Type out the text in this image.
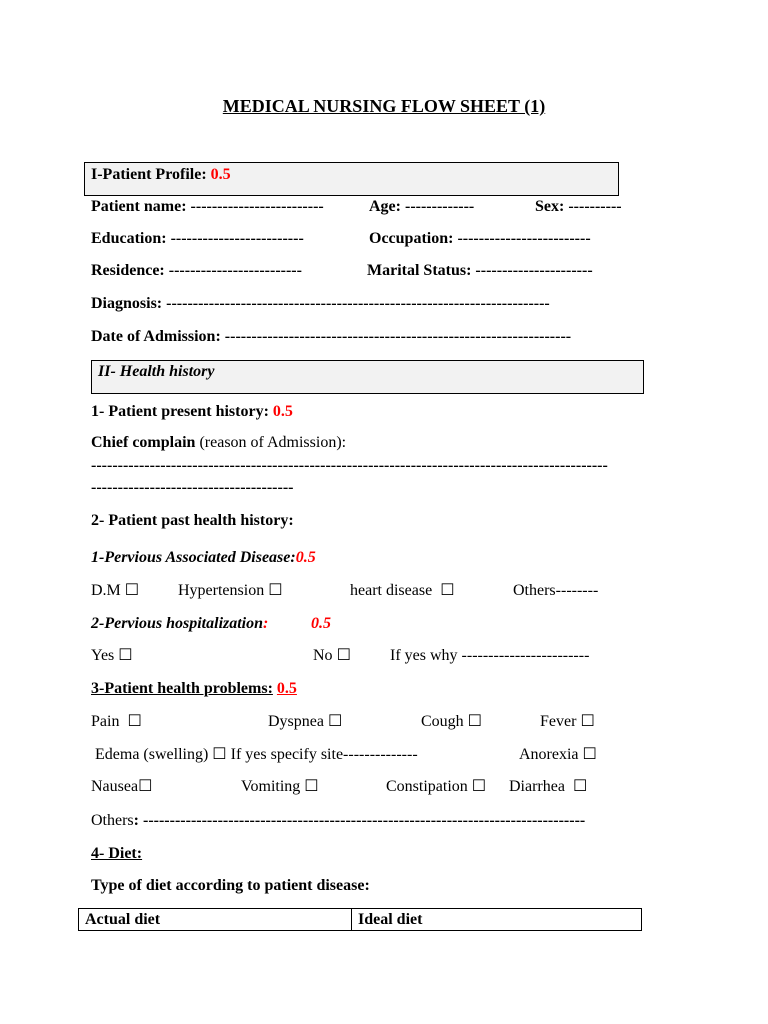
MEDICAL NURSING FLOW SHEET (1)
I-Patient Profile: 0.5
Patient name: -------------------------	Age: -------------	Sex: ----------
Education: -------------------------	Occupation: -------------------------
Residence: -------------------------	Marital Status: ----------------------
Diagnosis: ------------------------------------------------------------------------
Date of Admission: -----------------------------------------------------------------
II- Health history
1- Patient present history: 0.5
Chief complain (reason of Admission):
-------------------------------------------------------------------------------------------------
--------------------------------------
2- Patient past health history:
1-Pervious Associated Disease:0.5
D.M ☐ Hypertension ☐	heart disease ☐	Others--------
2-Pervious hospitalization:	0.5
Yes ☐	No ☐ If yes why ------------------------
3-Patient health problems: 0.5
Pain ☐	Dyspnea ☐	Cough ☐	Fever ☐
Edema (swelling) ☐ If yes specify site--------------	Anorexia ☐
Nausea☐	Vomiting ☐	Constipation ☐ Diarrhea ☐
Others: -----------------------------------------------------------------------------------
4- Diet:
Type of diet according to patient disease:
Actual diet	Ideal diet
